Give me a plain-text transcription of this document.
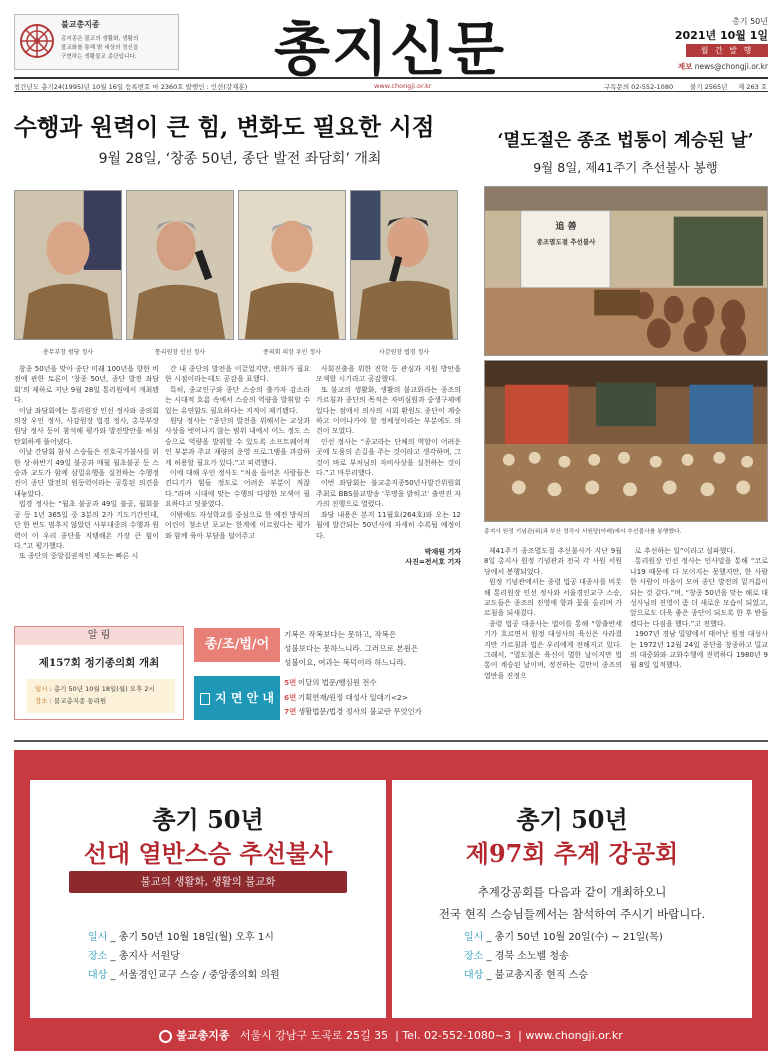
불교총지종
총지종은 불교의 생활화, 생활의
불교화를 통해 밝 세상의 정신을
구현하는 생활불교 종단입니다. 총지신문	총기 50년
2021년 10월 1일
월 간 발 행
제보 news@chongji.or.kr
창간년도 총기24(1995)년 10월 16일 등록번호 마 2360호 발행인 : 인선(강재훈)	www.chongji.or.kr	구독문의 02-552-1080	불기 2565년 제 263 호
수행과 원력이 큰 힘, 변화도 필요한 시점
9월 28일, ‘창종 50년, 종단 발전 좌담회’ 개최
총무부장 원당 정사	통리원장 인선 정사	종의회 의장 우인 정사	사감원장 법경 정사

창종 50년을 맞아 종단 미래 100년을 향한 비전에 관한 토론이 ‘창종 50년, 종단 발전 좌담회’의 제하로 지난 9월 28일 통리원에서 개최됐다.

이날 좌담회에는 통리원장 인선 정사와 종의회 의장 우인 정사, 사감원장 법경 정사, 총무부장 원당 정사 등이 참석해 평가와 발전방안을 허심탄회하게 풀어냈다.

이날 간담회 참석 스승들은 진호국가불사를 위한 상·하반기 49일 불공과 매월 월초불공 등 스승과 교도가 함께 삼밀유행을 실천하는 수행정진이 종단 발전의 원동력이라는 공통된 의견을 내놓았다.

법경 정사는 “월초 불공과 49일 불공, 월회불공 등 1년 365일 중 3분의 2가 기도기간인데, 단 한 번도 멈추지 않았던 사부대중의 수행과 원력이 이 우리 종단을 지탱해온 가장 큰 힘이다.”고 평가했다.

또 종단의 중앙집권적인 제도는 빠른 시

간 내 종단의 발전을 이끌었지만, 변화가 필요한 시점이라는데도 공감을 표했다.

특히, 종교인구와 종단 스승의 출가자 감소라는 시대적 흐름 속에서 스승의 역량을 발휘할 수 있는 유연함도 필요하다는 지적이 제기됐다.

원당 정사는 “종단의 발전을 위해서는 교상과 사상을 벗어나지 않는 범위 내에서 어느 정도 스승으로 역량을 발휘할 수 있도록 소프트웨어적인 부분과 주교 재량의 운영 프로그램을 과감하게 허용할 필요가 있다.”고 피력했다.

이에 대해 우인 정사도 “처음 들어온 사람들은 견디기가 힘들 정도로 어려운 부분이 적잖다.”라며 시대에 맞는 수행의 다양한 모색이 필요하다고 덧붙였다.

이밖에도 자성학교를 중심으로 한 예전 방식의 어린이 청소년 포교는 한계에 이르렀다는 평가와 함께 육아 부담을 덜어주고

사회진출을 위한 진학 등 관심과 지원 방안을 모색할 시기라고 공감했다.

또 불교의 생활화, 생활의 불교화라는 종조의 가르침과 종단의 목적은 자비심원과 중생구제에 있다는 점에서 의사의 시회 환원도 종단이 계승하고 이어나가야 할 정체성이라는 부분에도 의견이 모였다.

인선 정사는 “종교라는 단체의 역할이 어려운 곳에 도움의 손길을 주는 것이라고 생각하며, 그것이 바로 부처님의 자비사상을 실천하는 것이다.”고 마무리했다.

이번 좌담회는 불교총지종50년사발간위원회 주최로 BBS불교방송 ‘무명을 밝히고’ 출연진 자가의 진행으로 열렸다.

좌담 내용은 본지 11월호(264호)와 오는 12월에 발간되는 50년사에 자세히 수록될 예정이다.

박재원 기자
사진=전서호 기자
알 림
제157회 정기종의회 개최
일시 : 총기 50년 10월 18일(월) 오후 2시
장소 : 불교총지종 통리원
종/조/법/어
기복은 작복보다는 못하고, 작복은
성불보다는 못하느니라. 그러므로 본원은
성불이요, 여과는 복덕이라 하느니라.
지 면 안 내
5면 이달의 법문/행심원 전수
6면 기획연재/원정 대성사 일대기<2>
7면 생활법문/법경 정사의 불교란 무엇인가
‘멸도절은 종조 법통이 계승된 날’
9월 8일, 제41주기 추선불사 봉행
追 善
종조멸도절 추선불사
총지사 원정 기념관(위)과 부산 정각사 서원당(아래)에서 추선불사를 봉행했다.

제41주기 종조멸도절 추선불사가 지난 9월 8일 총지사 원정 기념관과 전국 각 사원 서원당에서 봉행되었다.

원정 기념관에서는 종령 법공 대종사를 비롯해 통리원장 인선 정사와 서울경인교구 스승, 교도들은 종조의 진영에 향과 꽃을 올리며 가르침을 되새겼다.

종령 법공 대종사는 법어를 통해 “항출반세기가 흐르면서 원정 대성사의 육신은 사라졌지만 가르침과 법은 우리에게 전해지고 있다. 그래서, “멸도절은 육신이 멸한 날이지만 법통이 계승된 날이며, 정진하는 길만이 종조의 열반을 진정으

로 추선하는 일”이라고 설파했다.

통리원장 인선 정사는 인사말을 통해 “코로나19 때문에 다 모이지는 못했지만, 한 사람 한 사람이 마음이 모여 종단 발전의 밑거름이 되는 것 같다.”며, “창종 50년을 맞는 해로 대성사님의 진영이 좀 더 새로운 모습이 되었고, 앞으로도 더욱 좋은 종단이 되도록 한 후 받들겠다는 다짐을 했다.”고 전했다.

1907년 경남 밀양에서 태어난 원정 대성사는 1972년 12월 24일 종단을 창종하고 밀교의 대중화와 교화수행에 진력하다 1980년 9월 8일 입적했다.

총기 50년
선대 열반스승 추선불사
불교의 생활화, 생활의 불교화
일시 _ 총기 50년 10월 18일(월) 오후 1시
장소 _ 총지사 서원당
대상 _ 서울경인교구 스승 / 중앙종의회 의원
총기 50년
제97회 추계 강공회
추계강공회를 다음과 같이 개최하오니
전국 현직 스승님들께서는 참석하여 주시기 바랍니다.
일시 _ 총기 50년 10월 20일(수) ~ 21일(목)
장소 _ 경북 소노벨 청송
대상 _ 불교총지종 현직 스승
불교총지종 서울시 강남구 도곡로 25길 35  | Tel. 02-552-1080~3  | www.chongji.or.kr
